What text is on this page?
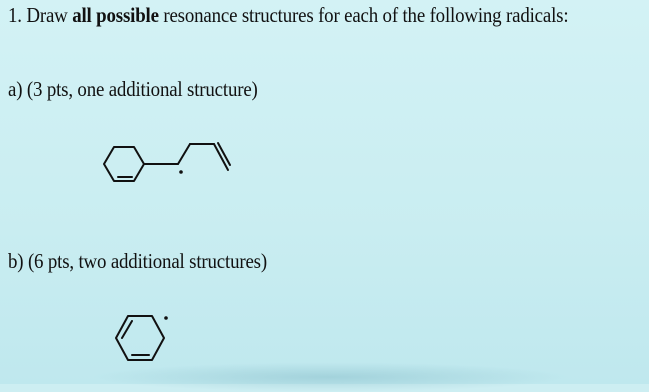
1. Draw all possible resonance structures for each of the following radicals:
a) (3 pts, one additional structure)
b) (6 pts, two additional structures)
